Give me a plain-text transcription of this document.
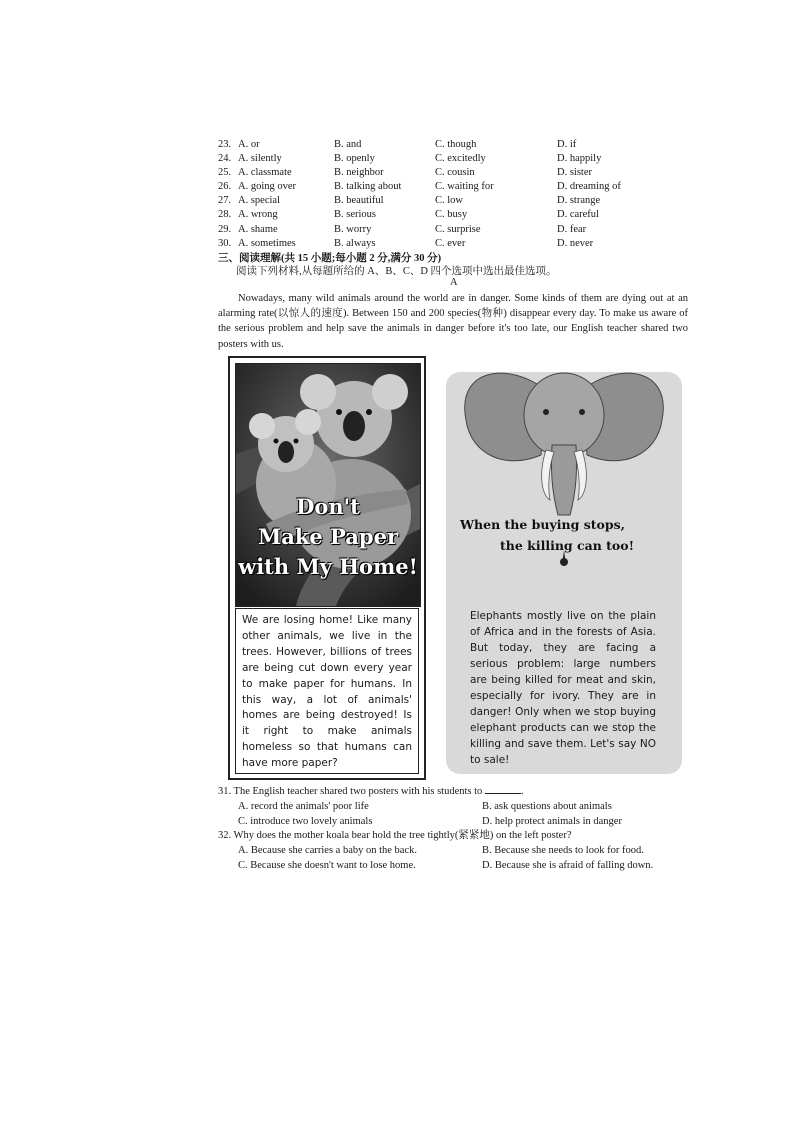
23. A. or	B. and	C. though	D. if
24. A. silently	B. openly	C. excitedly	D. happily
25. A. classmate	B. neighbor	C. cousin	D. sister
26. A. going over	B. talking about	C. waiting for	D. dreaming of
27. A. special	B. beautiful	C. low	D. strange
28. A. wrong	B. serious	C. busy	D. careful
29. A. shame	B. worry	C. surprise	D. fear
30. A. sometimes	B. always	C. ever	D. never
三、阅读理解(共 15 小题;每小题 2 分,满分 30 分)
阅读下列材料,从每题所给的 A、B、C、D 四个选项中选出最佳选项。
A
Nowadays, many wild animals around the world are in danger. Some kinds of them are dying out at an alarming rate(以惊人的速度). Between 150 and 200 species(物种) disappear every day. To make us aware of the serious problem and help save the animals in danger before it's too late, our English teacher shared two posters with us.
Don't
Make Paper
with My Home!
We are losing home! Like many other animals, we live in the trees. However, billions of trees are being cut down every year to make paper for humans. In this way, a lot of animals' homes are being destroyed! Is it right to make animals homeless so that humans can have more paper?
When the buying stops,
the killing can too!
Elephants mostly live on the plain of Africa and in the forests of Asia. But today, they are facing a serious problem: large numbers are being killed for meat and skin, especially for ivory. They are in danger! Only when we stop buying elephant products can we stop the killing and save them. Let's say NO to sale!
31. The English teacher shared two posters with his students to	.
A. record the animals' poor life	B. ask questions about animals
C. introduce two lovely animals	D. help protect animals in danger
32. Why does the mother koala bear hold the tree tightly(紧紧地) on the left poster?
A. Because she carries a baby on the back.	B. Because she needs to look for food.
C. Because she doesn't want to lose home.	D. Because she is afraid of falling down.
